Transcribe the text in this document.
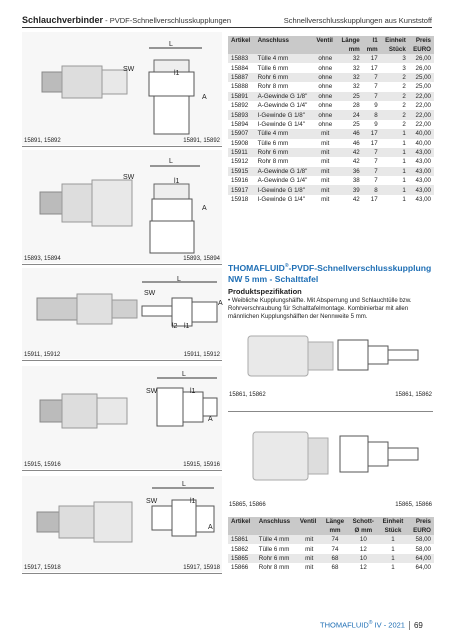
Schlauchverbinder - PVDF-Schnellverschlusskupplungen	Schnellverschlusskupplungen aus Kunststoff
L
SW
l1
A
15891, 15892	15891, 15892
L
SW
l1
A
15893, 15894	15893, 15894
L
SW
l2 l1
A
15911, 15912	15911, 15912
L
SW	l1
A
15915, 15916	15915, 15916
L
SW	l1
A
15917, 15918	15917, 15918
Artikel	Anschluss	Ventil	Länge	l1	Einheit	Preis
			mm	mm	Stück	EURO
15883	Tülle 4 mm	ohne	32	17	3	26,00
15884	Tülle 6 mm	ohne	32	17	3	26,00
15887	Rohr 6 mm	ohne	32	7	2	25,00
15888	Rohr 8 mm	ohne	32	7	2	25,00
15891	A-Gewinde G 1/8"	ohne	25	7	2	22,00
15892	A-Gewinde G 1/4"	ohne	28	9	2	22,00
15893	I-Gewinde G 1/8"	ohne	24	8	2	22,00
15894	I-Gewinde G 1/4"	ohne	25	9	2	22,00
15907	Tülle 4 mm	mit	46	17	1	40,00
15908	Tülle 6 mm	mit	46	17	1	40,00
15911	Rohr 6 mm	mit	42	7	1	43,00
15912	Rohr 8 mm	mit	42	7	1	43,00
15915	A-Gewinde G 1/8"	mit	36	7	1	43,00
15916	A-Gewinde G 1/4"	mit	38	7	1	43,00
15917	I-Gewinde G 1/8"	mit	39	8	1	43,00
15918	I-Gewinde G 1/4"	mit	42	17	1	43,00
THOMAFLUID®-PVDF-Schnellverschlusskupplung
NW 5 mm - Schalttafel
Produktspezifikation
• Weibliche Kupplungshälfte. Mit Absperrung und Schlauchtülle bzw. Rohrverschraubung für Schalttafelmontage. Kombinierbar mit allen männlichen Kupplungshälften der Nennweite 5 mm.
15861, 15862	15861, 15862
15865, 15866	15865, 15866
Artikel	Anschluss	Ventil	Länge	Schott-	Einheit	Preis
			mm	Ø mm	Stück	EURO
15861	Tülle 4 mm	mit	74	10	1	58,00
15862	Tülle 6 mm	mit	74	12	1	58,00
15865	Rohr 6 mm	mit	68	10	1	64,00
15866	Rohr 8 mm	mit	68	12	1	64,00
THOMAFLUID® IV - 2021 69
